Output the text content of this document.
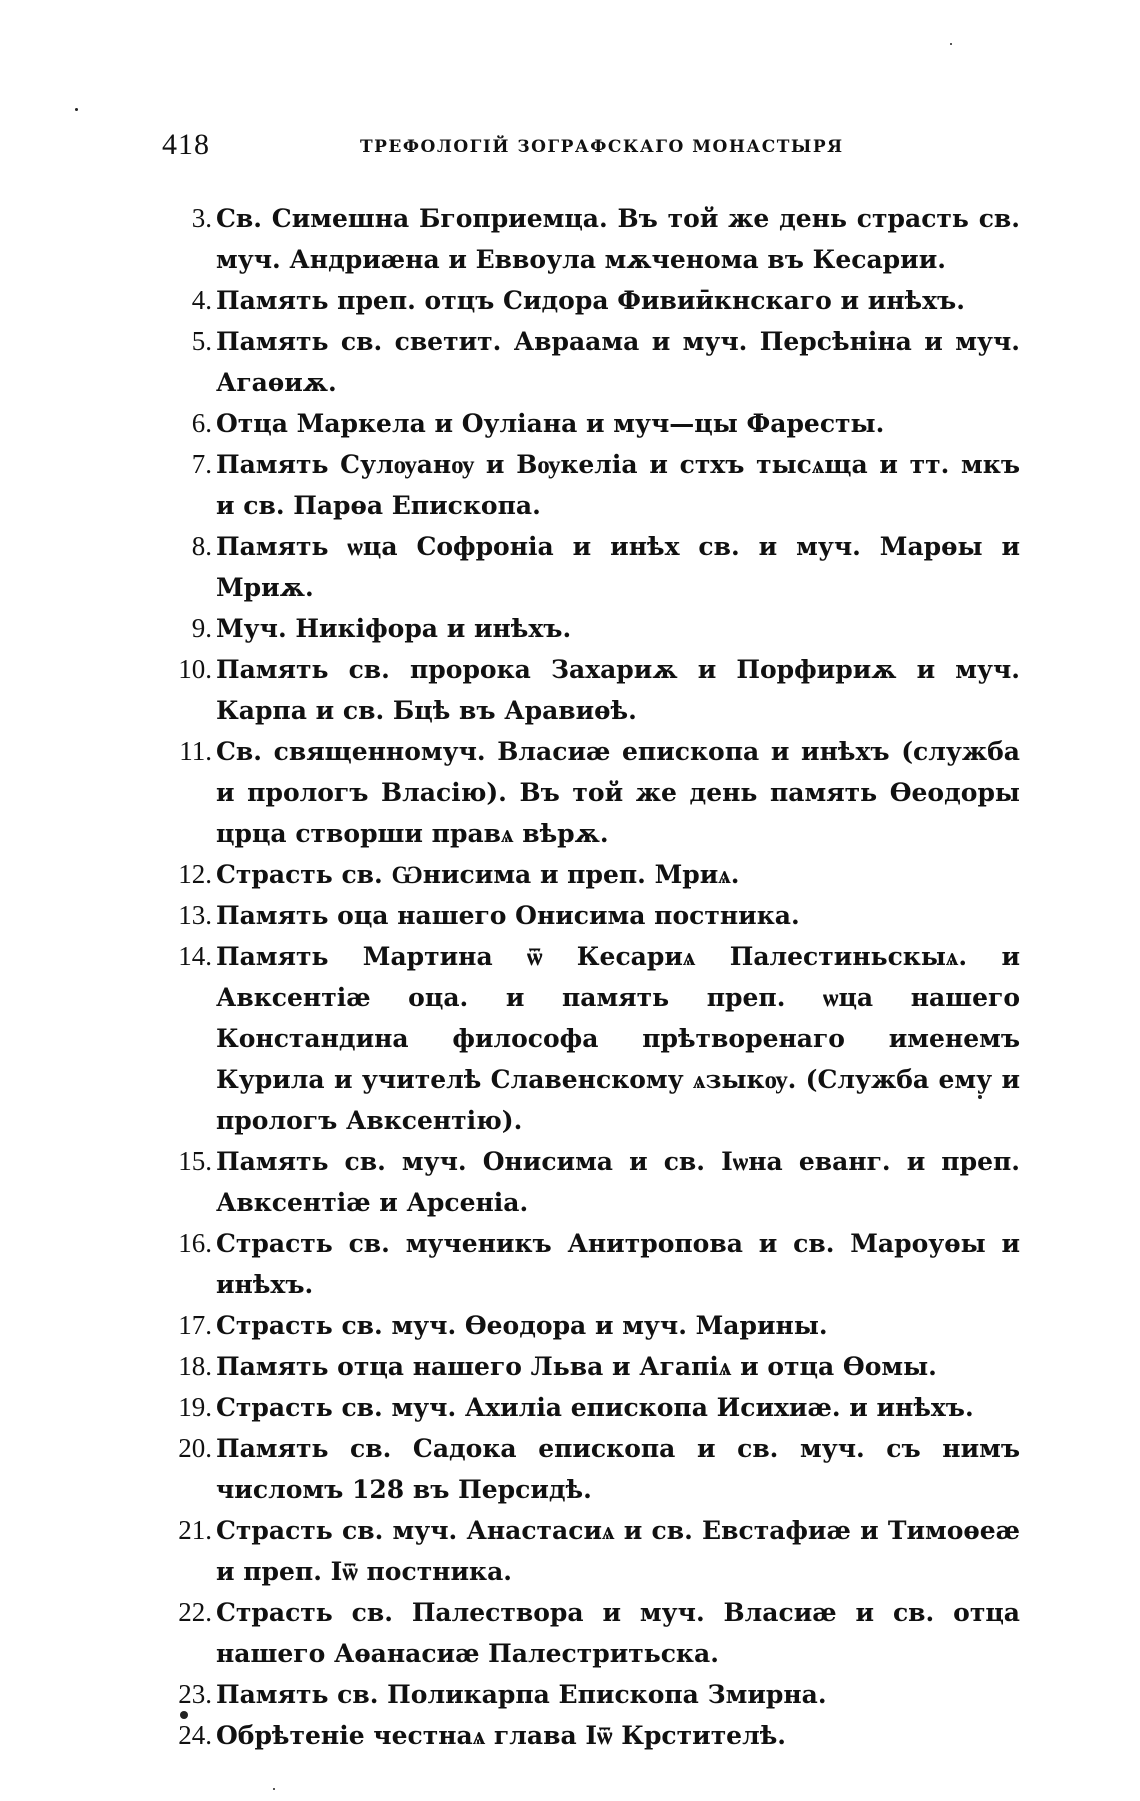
418	ТРЕФОЛОГІЙ ЗОГРАФСКАГО МОНАСТЫРЯ
3. Св. Симешна Бгоприемца. Въ той же день страсть св. муч. Андриӕна и Еввоула мѫченома въ Кесарии.
4. Память преп. отцъ Сидора Фивиӣкнскаго и инѣхъ.
5. Память св. светит. Авраама и муч. Персѣніна и муч. Агаѳиѫ.
6. Отца Маркела и Оуліана и муч—цы Фаресты.
7. Память Сулѹанѹ и Вѹкеліа и стхъ тысѧща и тт. мкъ и св. Парѳа Епископа.
8. Память ѡца Софроніа и инѣх св. и муч. Марѳы и Мриѫ.
9. Муч. Никіфора и инѣхъ.
10. Память св. пророка Захариѫ и Порфириѫ и муч. Карпа и св. Бцѣ въ Аравиѳѣ.
11. Св. священномуч. Власиӕ епископа и инѣхъ (служба и прологъ Власію). Въ той же день память Ѳеодоры црца створши правѧ вѣрѫ.
12. Страсть св. Ѡнисима и преп. Мриѧ.
13. Память оца нашего Онисима постника.
14. Память Мартина ѿ Кесариѧ Палестиньскыѧ. и Авксентіӕ оца. и память преп. ѡца нашего Констандина философа прѣтворенаго именемъ Курила и учителѣ Славенскому ѧзыкѹ. (Служба ему и прологъ Авксентію).
15. Память св. муч. Онисима и св. Іѡна еванг. и преп. Авксентіӕ и Арсеніа.
16. Страсть св. мученикъ Анитропова и св. Мароуѳы и инѣхъ.
17. Страсть св. муч. Ѳеодора и муч. Марины.
18. Память отца нашего Льва и Агапіѧ и отца Ѳомы.
19. Страсть св. муч. Ахиліа епископа Исихиӕ. и инѣхъ.
20. Память св. Садока епископа и св. муч. съ нимъ числомъ 128 въ Персидѣ.
21. Страсть св. муч. Анастасиѧ и св. Евстафиӕ и Тимоѳеӕ и преп. Іѿ постника.
22. Страсть св. Палествора и муч. Власиӕ и св. отца нашего Аѳанасиӕ Палестритьска.
23. Память св. Поликарпа Епископа Змирна.
24. Обрѣтеніе честнаѧ глава Іѿ Крстителѣ.
